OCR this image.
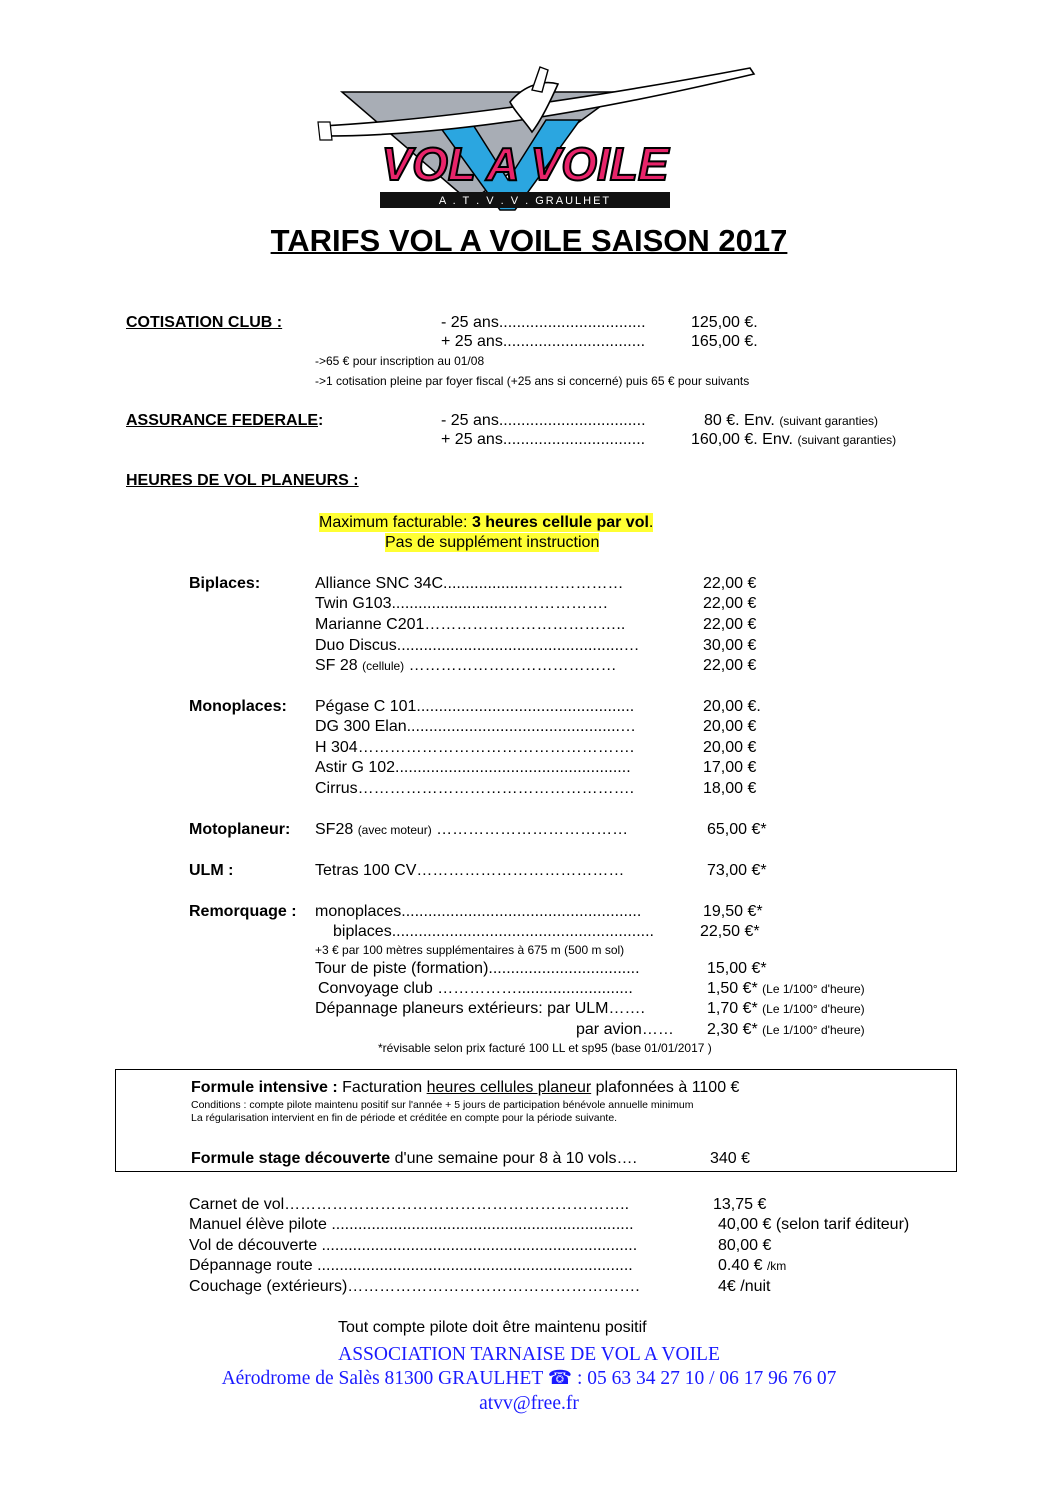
VOL A VOILE
A . T . V . V . GRAULHET
TARIFS VOL A VOILE SAISON 2017
COTISATION CLUB :	- 25 ans.................................	125,00 €.
+ 25 ans................................	165,00 €.
->65 € pour inscription au 01/08
->1 cotisation pleine par foyer fiscal (+25 ans si concerné) puis 65 € pour suivants
ASSURANCE FEDERALE:	- 25 ans.................................	80 €. Env. (suivant garanties)
+ 25 ans................................	160,00 €. Env. (suivant garanties)
HEURES DE VOL PLANEURS :
Maximum facturable: 3 heures cellule par vol.
Pas de supplément instruction
Biplaces:	Alliance SNC 34C...................………………	22,00 €
Twin G103..........................……………….	22,00 €
Marianne C201………………………………..	22,00 €
Duo Discus...................................................…	30,00 €
SF 28 (cellule) …………………………………	22,00 €
Monoplaces: Pégase C 101.................................................	20,00 €.
DG 300 Elan................................................…	20,00 €
H 304…………………………………………….	20,00 €
Astir G 102.....................................................	17,00 €
Cirrus…………………………………………….	18,00 €
Motoplaneur: SF28 (avec moteur) ………………………………	65,00 €*
ULM :	Tetras 100 CV…………………………………	73,00 €*
Remorquage : monoplaces......................................................	19,50 €*
biplaces...........................................................	22,50 €*
+3 € par 100 mètres supplémentaires à 675 m (500 m sol)
Tour de piste (formation)..................................	15,00 €*
Convoyage club ……………..........................	1,50 €* (Le 1/100° d'heure)
Dépannage planeurs extérieurs: par ULM…….	1,70 €* (Le 1/100° d'heure)
par avion…… 2,30 €* (Le 1/100° d'heure)
*révisable selon prix facturé 100 LL et sp95 (base 01/01/2017 )
Formule intensive : Facturation heures cellules planeur plafonnées à 1100 €
Conditions : compte pilote maintenu positif sur l'année + 5 jours de participation bénévole annuelle minimum
La régularisation intervient en fin de période et créditée en compte pour la période suivante.
Formule stage découverte d'une semaine pour 8 à 10 vols….	340 €
Carnet de vol………………………………………………………..	13,75 €
Manuel élève pilote ....................................................................	40,00 € (selon tarif éditeur)
Vol de découverte .......................................................................	80,00 €
Dépannage route .......................................................................	0.40 € /km
Couchage (extérieurs)……………………………………………….	4€ /nuit
Tout compte pilote doit être maintenu positif
ASSOCIATION TARNAISE DE VOL A VOILE
Aérodrome de Salès 81300 GRAULHET ☎ : 05 63 34 27 10 / 06 17 96 76 07
atvv@free.fr
